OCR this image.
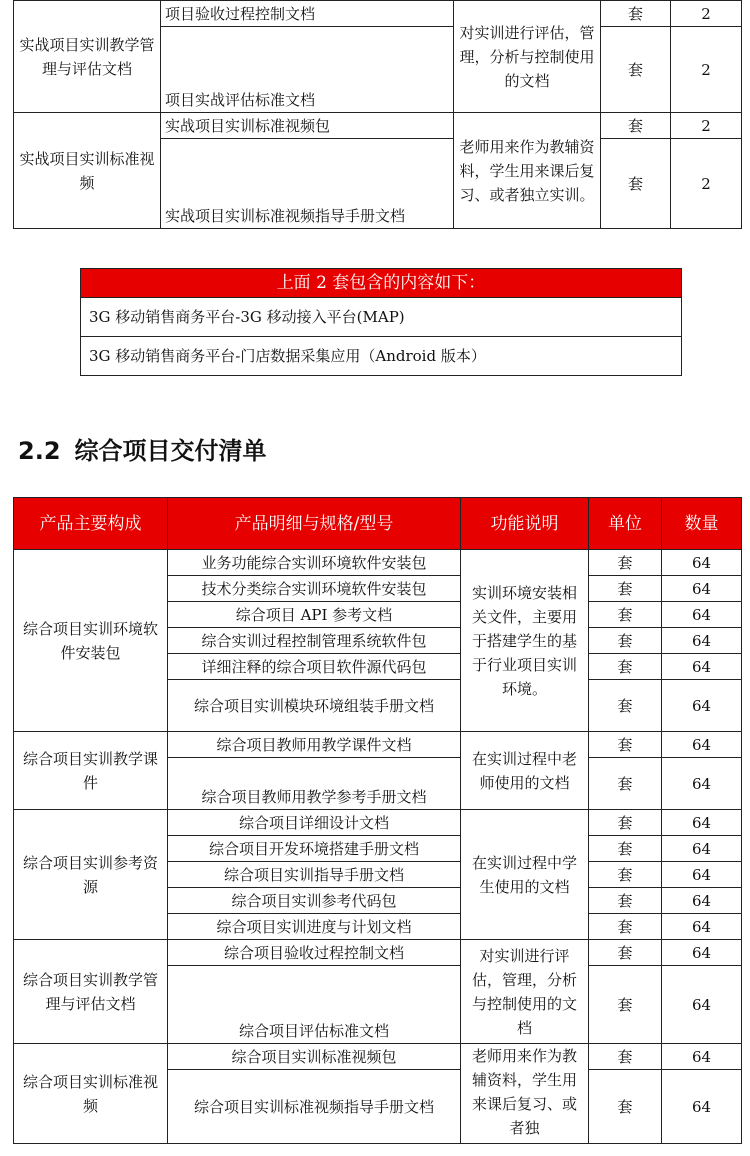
实战项目实训教学管理与评估文档	项目验收过程控制文档	对实训进行评估，管理，分析与控制使用的文档	套	2
	项目实战评估标准文档		套	2
实战项目实训标准视频	实战项目实训标准视频包	老师用来作为教辅资料，学生用来课后复习、或者独立实训。	套	2
	实战项目实训标准视频指导手册文档		套	2
上面 2 套包含的内容如下：
3G 移动销售商务平台-3G 移动接入平台(MAP)
3G 移动销售商务平台-门店数据采集应用（Android 版本）
2.2 综合项目交付清单
产品主要构成	产品明细与规格/型号	功能说明	单位	数量
综合项目实训环境软件安装包	业务功能综合实训环境软件安装包	实训环境安装相关文件，主要用于搭建学生的基于行业项目实训环境。	套	64
	技术分类综合实训环境软件安装包		套	64
	综合项目 API 参考文档		套	64
	综合实训过程控制管理系统软件包		套	64
	详细注释的综合项目软件源代码包		套	64
	综合项目实训模块环境组装手册文档		套	64
综合项目实训教学课件	综合项目教师用教学课件文档	在实训过程中老师使用的文档	套	64
	综合项目教师用教学参考手册文档		套	64
综合项目实训参考资源	综合项目详细设计文档	在实训过程中学生使用的文档	套	64
	综合项目开发环境搭建手册文档		套	64
	综合项目实训指导手册文档		套	64
	综合项目实训参考代码包		套	64
	综合项目实训进度与计划文档		套	64
综合项目实训教学管理与评估文档	综合项目验收过程控制文档	对实训进行评估，管理，分析与控制使用的文档	套	64
	综合项目评估标准文档		套	64
综合项目实训标准视频	综合项目实训标准视频包	老师用来作为教辅资料，学生用来课后复习、或者独	套	64
	综合项目实训标准视频指导手册文档		套	64
